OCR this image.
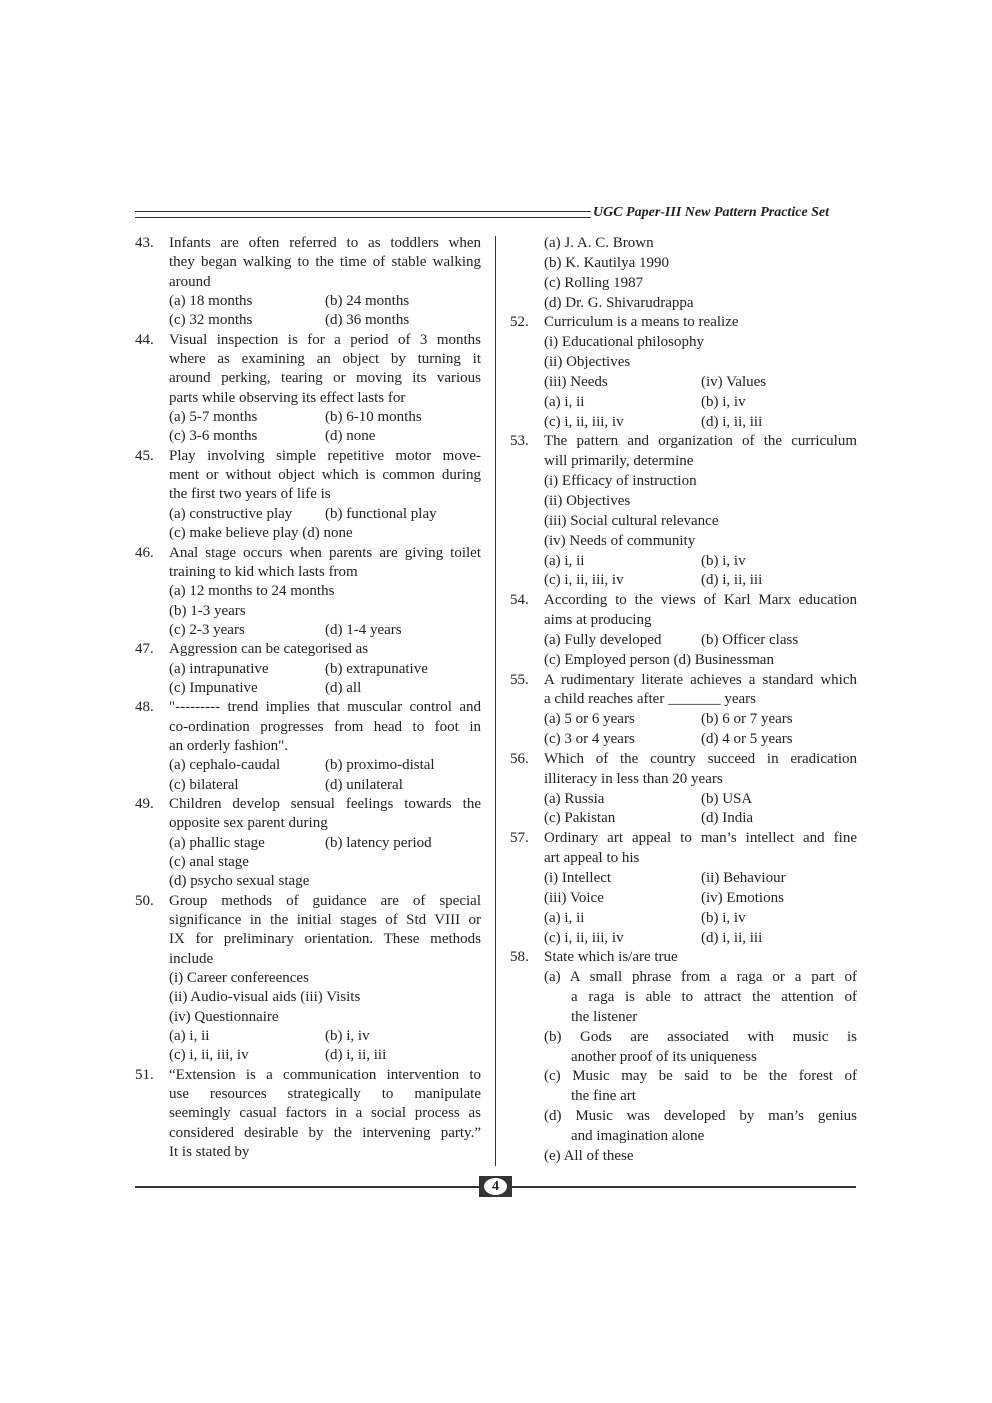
UGC Paper-III New Pattern Practice Set
43. Infants are often referred to as toddlers when
they began walking to the time of stable walking
around
(a) 18 months	(b) 24 months
(c) 32 months	(d) 36 months
44. Visual inspection is for a period of 3 months
where as examining an object by turning it
around perking, tearing or moving its various
parts while observing its effect lasts for
(a) 5-7 months	(b) 6-10 months
(c) 3-6 months	(d) none
45. Play involving simple repetitive motor move-
ment or without object which is common during
the first two years of life is
(a) constructive play (b) functional play
(c) make believe play (d) none
46. Anal stage occurs when parents are giving toilet
training to kid which lasts from
(a) 12 months to 24 months
(b) 1-3 years
(c) 2-3 years	(d) 1-4 years
47. Aggression can be categorised as
(a) intrapunative	(b) extrapunative
(c) Impunative	(d) all
48. "--------- trend implies that muscular control and
co-ordination progresses from head to foot in
an orderly fashion".
(a) cephalo-caudal	(b) proximo-distal
(c) bilateral	(d) unilateral
49. Children develop sensual feelings towards the
opposite sex parent during
(a) phallic stage	(b) latency period
(c) anal stage
(d) psycho sexual stage
50. Group methods of guidance are of special
significance in the initial stages of Std VIII or
IX for preliminary orientation. These methods
include
(i) Career confereences
(ii) Audio-visual aids (iii) Visits
(iv) Questionnaire
(a) i, ii	(b) i, iv
(c) i, ii, iii, iv	(d) i, ii, iii
51. “Extension is a communication intervention to
use resources strategically to manipulate
seemingly casual factors in a social process as
considered desirable by the intervening party.”
It is stated by
(a) J. A. C. Brown
(b) K. Kautilya 1990
(c) Rolling 1987
(d) Dr. G. Shivarudrappa
52. Curriculum is a means to realize
(i) Educational philosophy
(ii) Objectives
(iii) Needs	(iv) Values
(a) i, ii	(b) i, iv
(c) i, ii, iii, iv	(d) i, ii, iii
53. The pattern and organization of the curriculum
will primarily, determine
(i) Efficacy of instruction
(ii) Objectives
(iii) Social cultural relevance
(iv) Needs of community
(a) i, ii	(b) i, iv
(c) i, ii, iii, iv	(d) i, ii, iii
54. According to the views of Karl Marx education
aims at producing
(a) Fully developed	(b) Officer class
(c) Employed person (d) Businessman
55. A rudimentary literate achieves a standard which
a child reaches after _______ years
(a) 5 or 6 years	(b) 6 or 7 years
(c) 3 or 4 years	(d) 4 or 5 years
56. Which of the country succeed in eradication
illiteracy in less than 20 years
(a) Russia	(b) USA
(c) Pakistan	(d) India
57. Ordinary art appeal to man’s intellect and fine
art appeal to his
(i) Intellect	(ii) Behaviour
(iii) Voice	(iv) Emotions
(a) i, ii	(b) i, iv
(c) i, ii, iii, iv	(d) i, ii, iii
58. State which is/are true
(a) A small phrase from a raga or a part of
a raga is able to attract the attention of
the listener
(b) Gods are associated with music is
another proof of its uniqueness
(c) Music may be said to be the forest of
the fine art
(d) Music was developed by man’s genius
and imagination alone
(e) All of these
4
